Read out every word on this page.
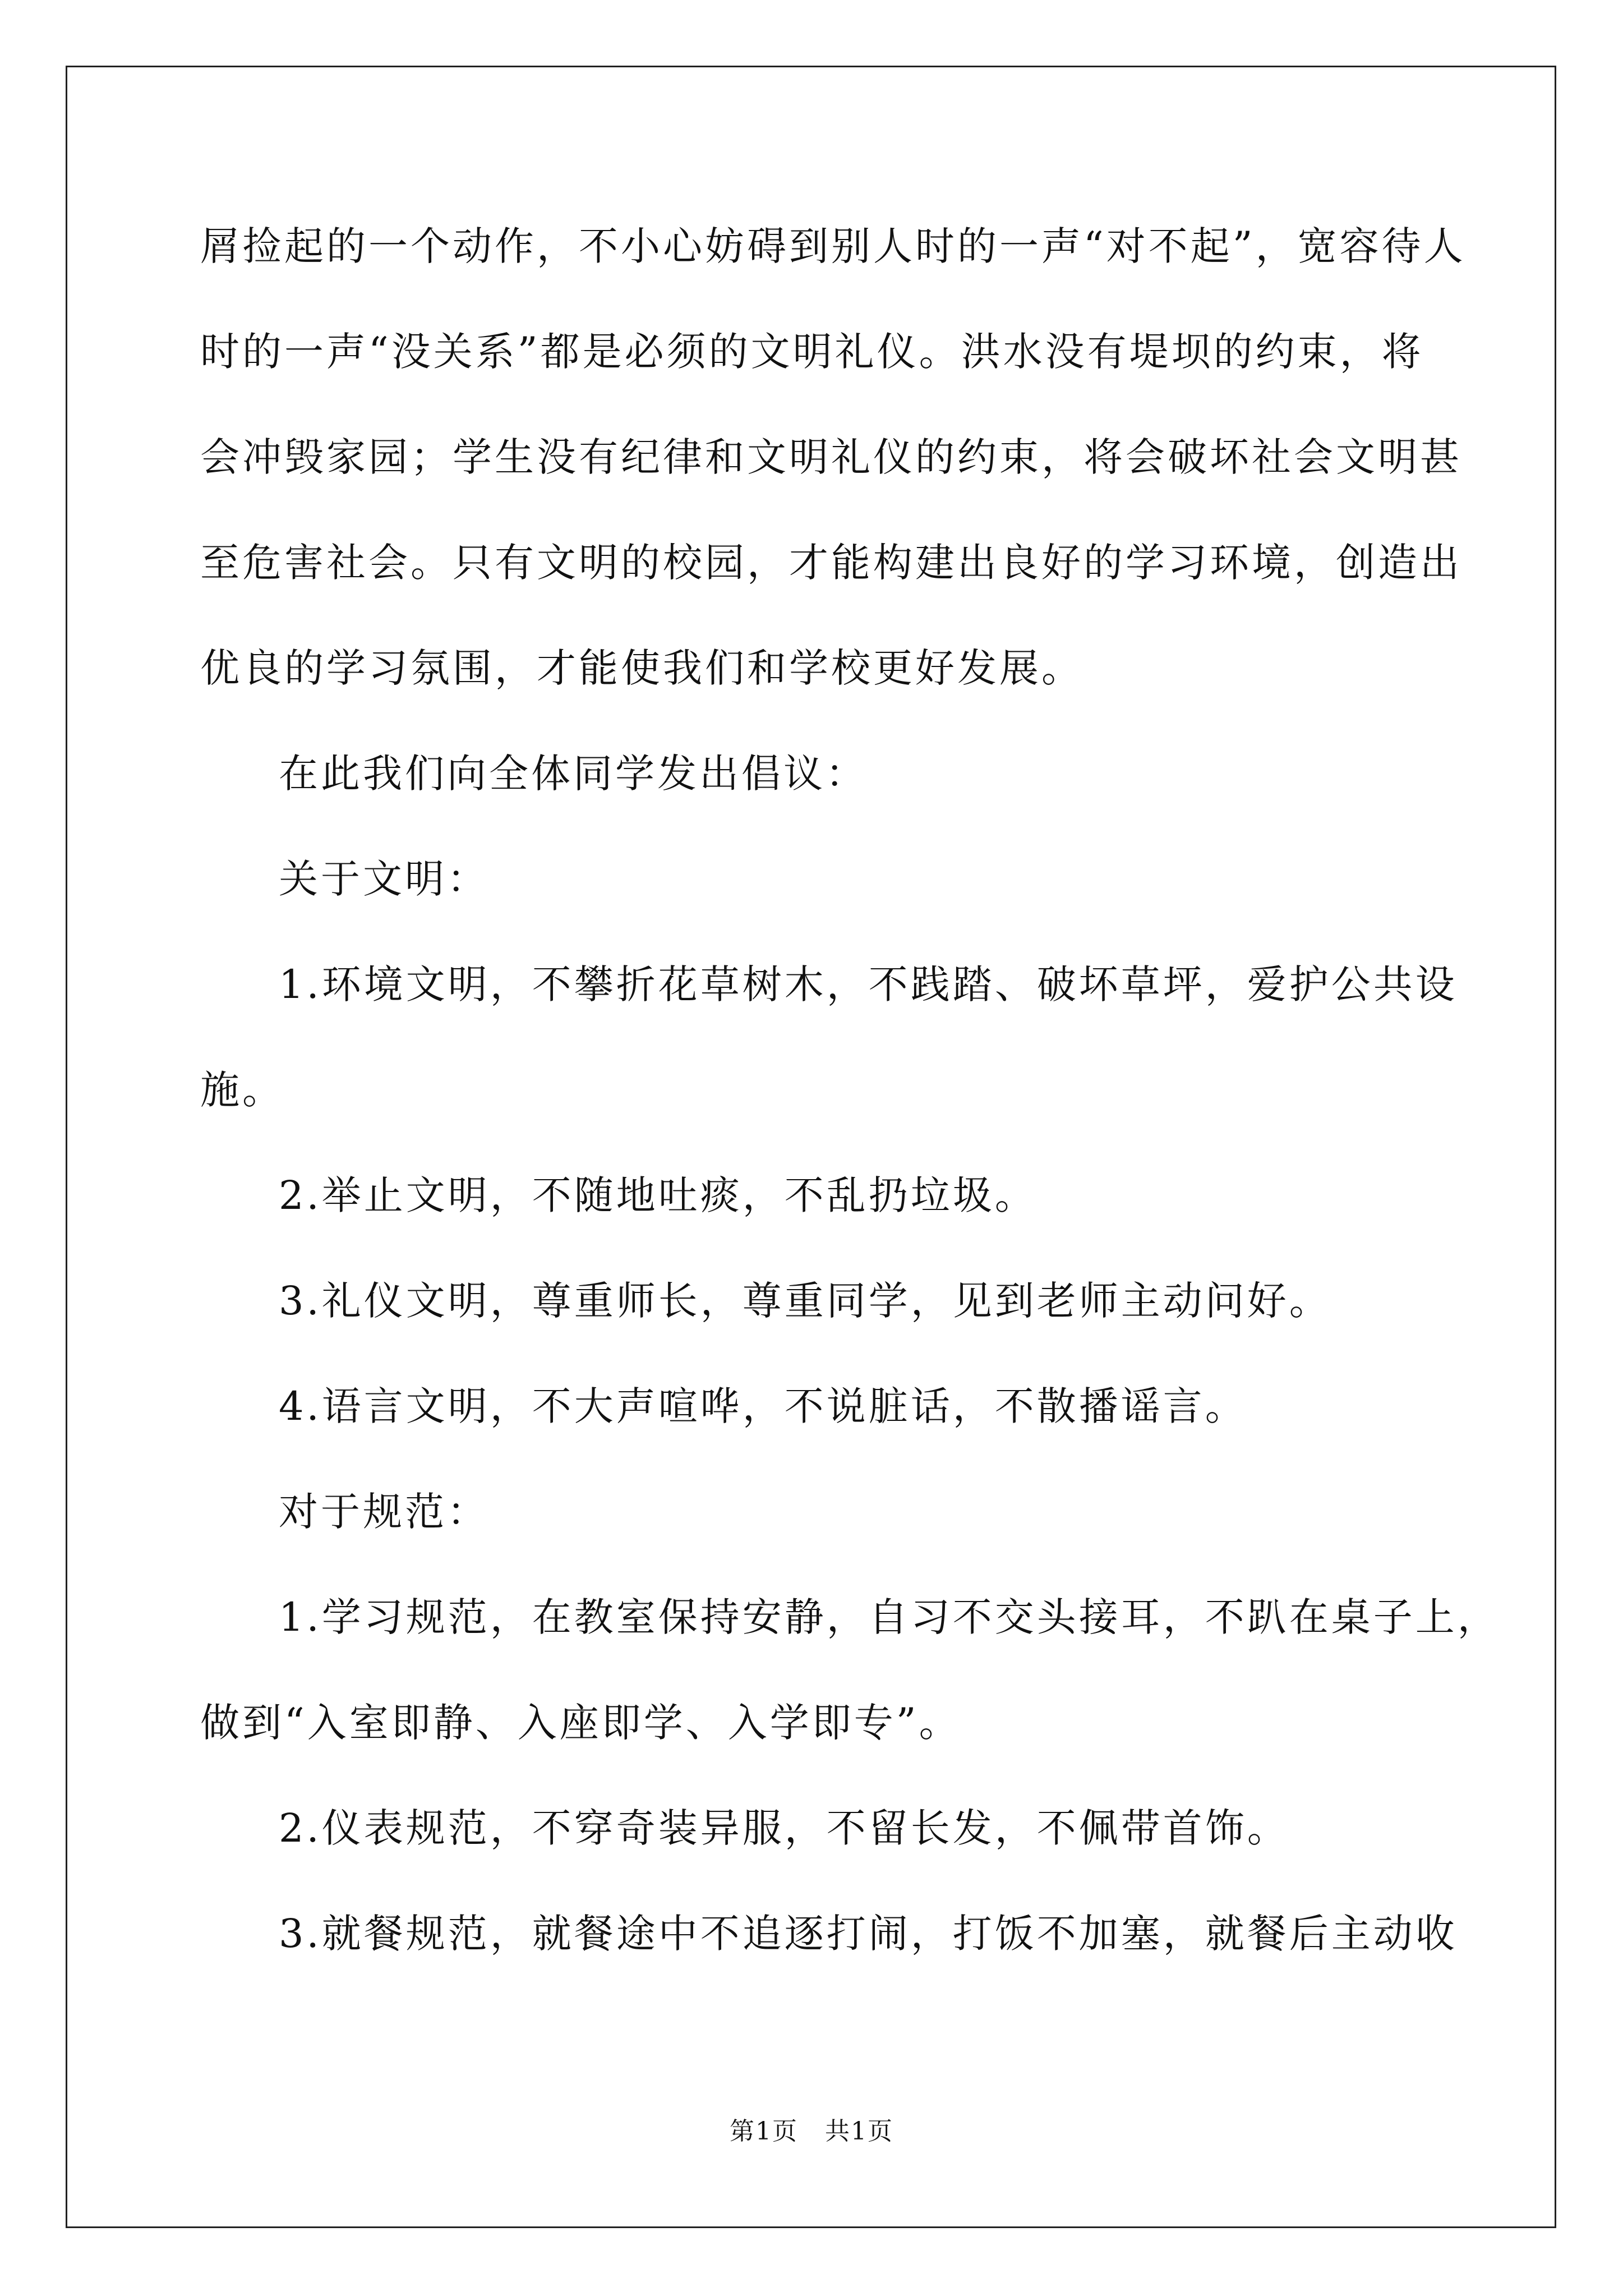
屑捡起的一个动作，不小心妨碍到别人时的一声“对不起”，宽容待人
时的一声“没关系”都是必须的文明礼仪。洪水没有堤坝的约束，将
会冲毁家园；学生没有纪律和文明礼仪的约束，将会破坏社会文明甚
至危害社会。只有文明的校园，才能构建出良好的学习环境，创造出
优良的学习氛围，才能使我们和学校更好发展。
在此我们向全体同学发出倡议：
关于文明：
1.环境文明，不攀折花草树木，不践踏、破坏草坪，爱护公共设
施。
2.举止文明，不随地吐痰，不乱扔垃圾。
3.礼仪文明，尊重师长，尊重同学，见到老师主动问好。
4.语言文明，不大声喧哗，不说脏话，不散播谣言。
对于规范：
1.学习规范，在教室保持安静，自习不交头接耳，不趴在桌子上，
做到“入室即静、入座即学、入学即专”。
2.仪表规范，不穿奇装异服，不留长发，不佩带首饰。
3.就餐规范，就餐途中不追逐打闹，打饭不加塞，就餐后主动收
第1页   共1页
